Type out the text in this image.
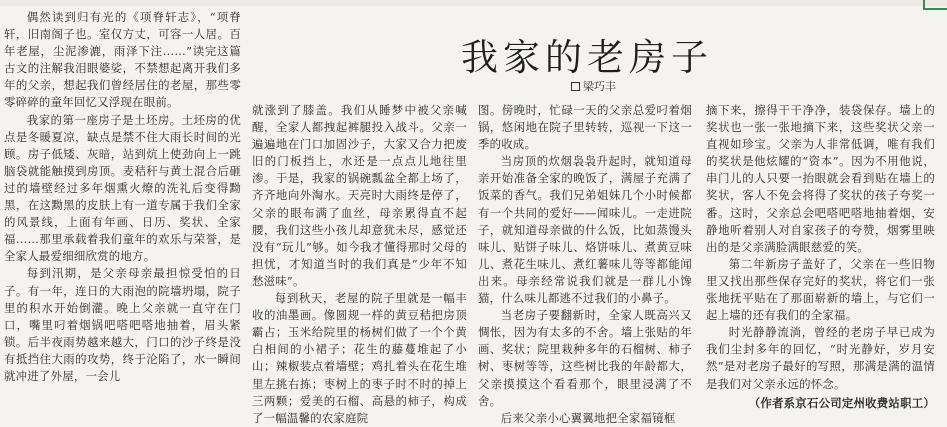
我家的老房子
梁巧丰

偶然读到归有光的《项脊轩志》，“项脊轩，旧南阁子也。室仅方丈，可容一人居。百年老屋，尘泥渗漉，雨泽下注……”读完这篇古文的注解我泪眼婆娑，不禁想起离开我们多年的父亲，想起我们曾经居住的老屋，那些零零碎碎的童年回忆又浮现在眼前。

我家的第一座房子是土坯房。土坯房的优点是冬暖夏凉，缺点是禁不住大雨长时间的光顾。房子低矮、灰暗，站到炕上使劲向上一跳脑袋就能触摸到房顶。麦秸秆与黄土混合后砸过的墙壁经过多年烟熏火燎的洗礼后变得黝黑，在这黝黑的皮肤上有一道专属于我们全家的风景线，上面有年画、日历、奖状、全家福……那里承载着我们童年的欢乐与荣誉，是全家人最爱细细欣赏的地方。

每到汛期，是父亲母亲最担惊受怕的日子。有一年，连日的大雨泡的院墙坍塌，院子里的积水开始倒灌。晚上父亲就一直守在门口，嘴里叼着烟锅吧嗒吧嗒地抽着，眉头紧锁。后半夜雨势越来越大，门口的沙子终是没有抵挡住大雨的攻势，终于沦陷了，水一瞬间就冲进了外屋，一会儿

就涨到了膝盖。我们从睡梦中被父亲喊醒，全家人都拽起裤腿投入战斗。父亲一遍遍地在门口加固沙子，大家又合力把废旧的门板挡上，水还是一点点儿地往里渗。于是，我家的锅碗瓢盆全都上场了，齐齐地向外淘水。天亮时大雨终是停了，父亲的眼布满了血丝，母亲累得直不起腰，我们这些小孩儿却意犹未尽，感觉还没有“玩儿”够。如今我才懂得那时父母的担忧，才知道当时的我们真是“少年不知愁滋味”。

每到秋天，老屋的院子里就是一幅丰收的油墨画。像圆规一样的黄豆秸把房顶霸占；玉米给院里的杨树们做了一个个黄白相间的小裙子；花生的藤蔓堆起了小山；辣椒装点着墙壁；鸡扎着头在花生堆里左挑右拣；枣树上的枣子时不时的掉上三两颗；爱美的石榴、高悬的柿子，构成了一幅温馨的农家庭院

图。傍晚时，忙碌一天的父亲总爱叼着烟锅，悠闲地在院子里转转，巡视一下这一季的收成。

当房顶的炊烟袅袅升起时，就知道母亲开始准备全家的晚饭了，满屋子充满了饭菜的香气。我们兄弟姐妹几个小时候都有一个共同的爱好——闻味儿。一走进院子，就知道母亲做的什么饭，比如蒸馒头味儿、贴饼子味儿、烙饼味儿、煮黄豆味儿、煮花生味儿、煮红薯味儿等等都能闻出来。母亲经常说我们就是一群儿小馋猫，什么味儿都逃不过我们的小鼻子。

当老房子要翻新时，全家人既高兴又惆怅，因为有太多的不舍。墙上张贴的年画、奖状；院里栽种多年的石榴树、柿子树、枣树等等，这些树比我的年龄都大，父亲摸摸这个看看那个，眼里浸满了不舍。

后来父亲小心翼翼地把全家福镜框

摘下来，擦得干干净净，装袋保存。墙上的奖状也一张一张地摘下来，这些奖状父亲一直视如珍宝。父亲为人非常低调，唯有我们的奖状是他炫耀的“资本”。因为不用他说，串门儿的人只要一抬眼就会看到贴在墙上的奖状，客人不免会将得了奖状的孩子夸奖一番。这时，父亲总会吧嗒吧嗒地抽着烟，安静地听着别人对自家孩子的夸赞，烟雾里映出的是父亲满脸满眼慈爱的笑。

第二年新房子盖好了，父亲在一些旧物里又找出那些保存完好的奖状，将它们一张张地抚平贴在了那面崭新的墙上，与它们一起上墙的还有我们的全家福。

时光静静流淌，曾经的老房子早已成为我们尘封多年的回忆，“时光静好，岁月安然”是对老房子最好的写照，那满是满的温情是我们对父亲永远的怀念。

（作者系京石公司定州收费站职工）
